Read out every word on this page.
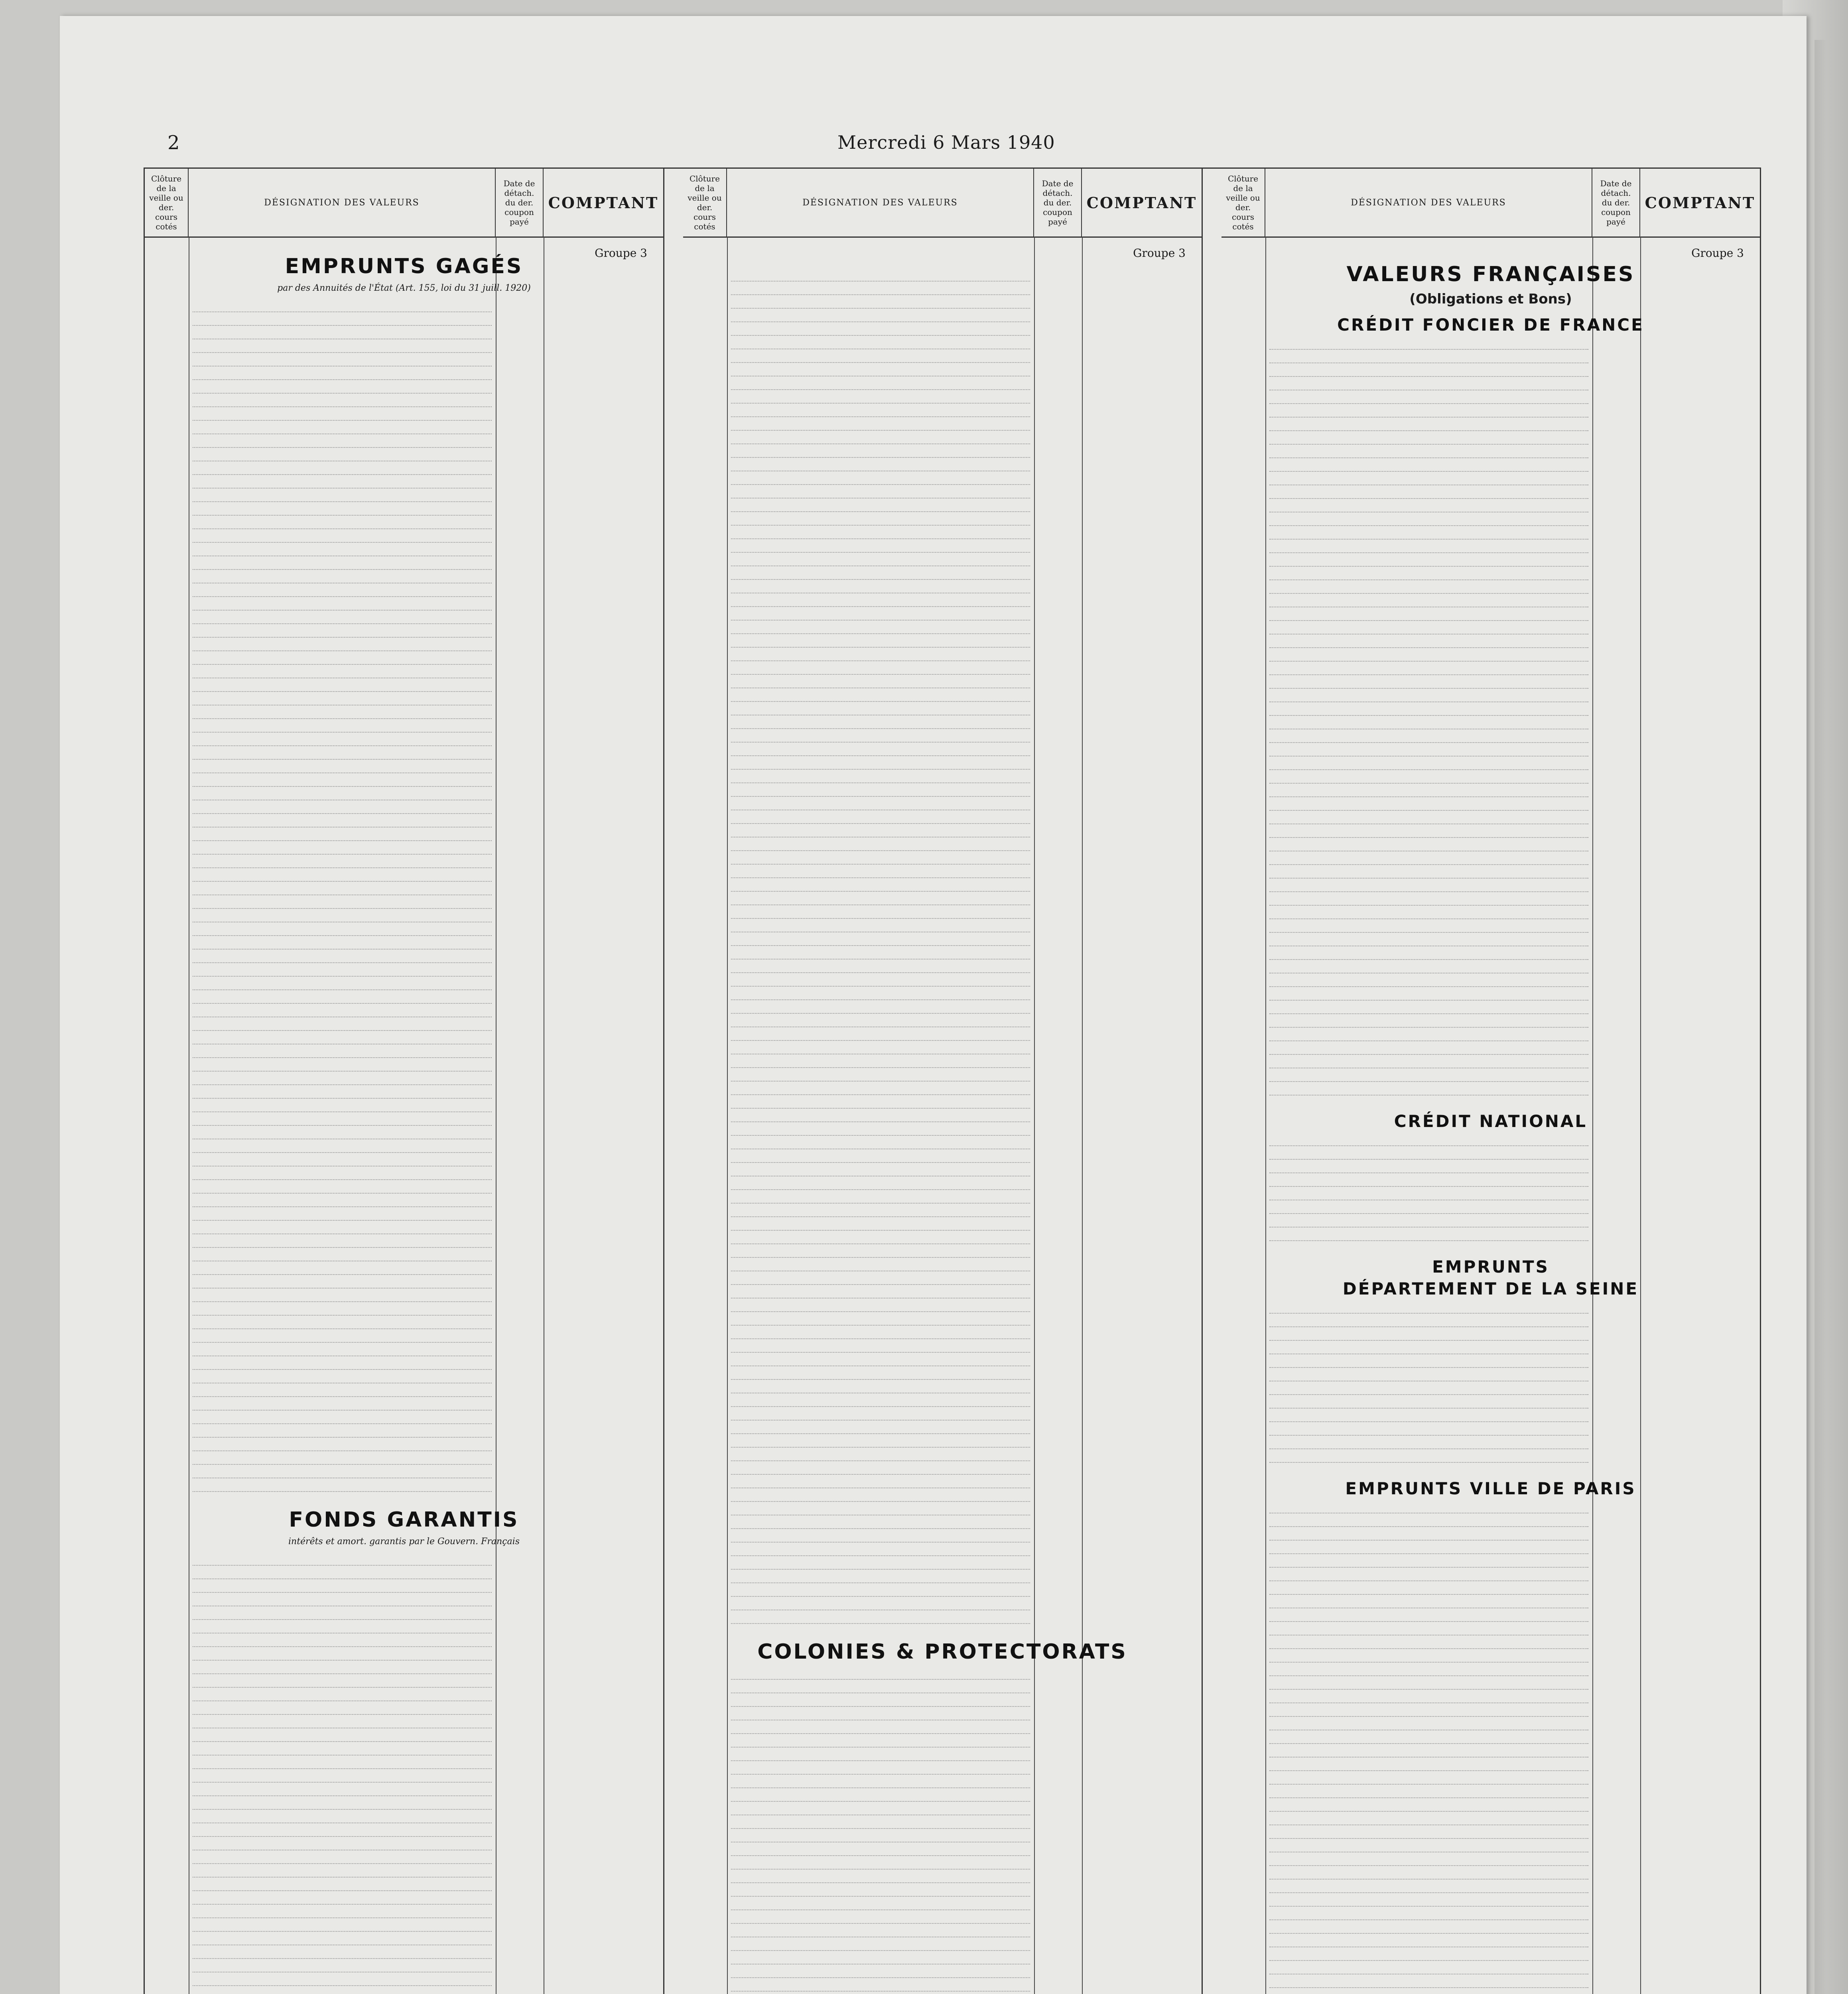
2	Mercredi 6 Mars 1940
Clôture de la veille ou der. cours cotés
DÉSIGNATION DES VALEURS
Date de détach. du der. coupon payé
COMPTANT
Groupe 3
EMPRUNTS GAGÉS
par des Annuités de l'État (Art. 155, loi du 31 juill. 1920)
FONDS GARANTIS
intérêts et amort. garantis par le Gouvern. Français
Clôture de la veille ou der. cours cotés
DÉSIGNATION DES VALEURS
Date de détach. du der. coupon payé
COMPTANT
Groupe 3
COLONIES & PROTECTORATS
Clôture de la veille ou der. cours cotés
DÉSIGNATION DES VALEURS
Date de détach. du der. coupon payé
COMPTANT
Groupe 3
VALEURS FRANÇAISES
(Obligations et Bons)
CRÉDIT FONCIER DE FRANCE
CRÉDIT NATIONAL
EMPRUNTS
DÉPARTEMENT DE LA SEINE
EMPRUNTS VILLE DE PARIS
